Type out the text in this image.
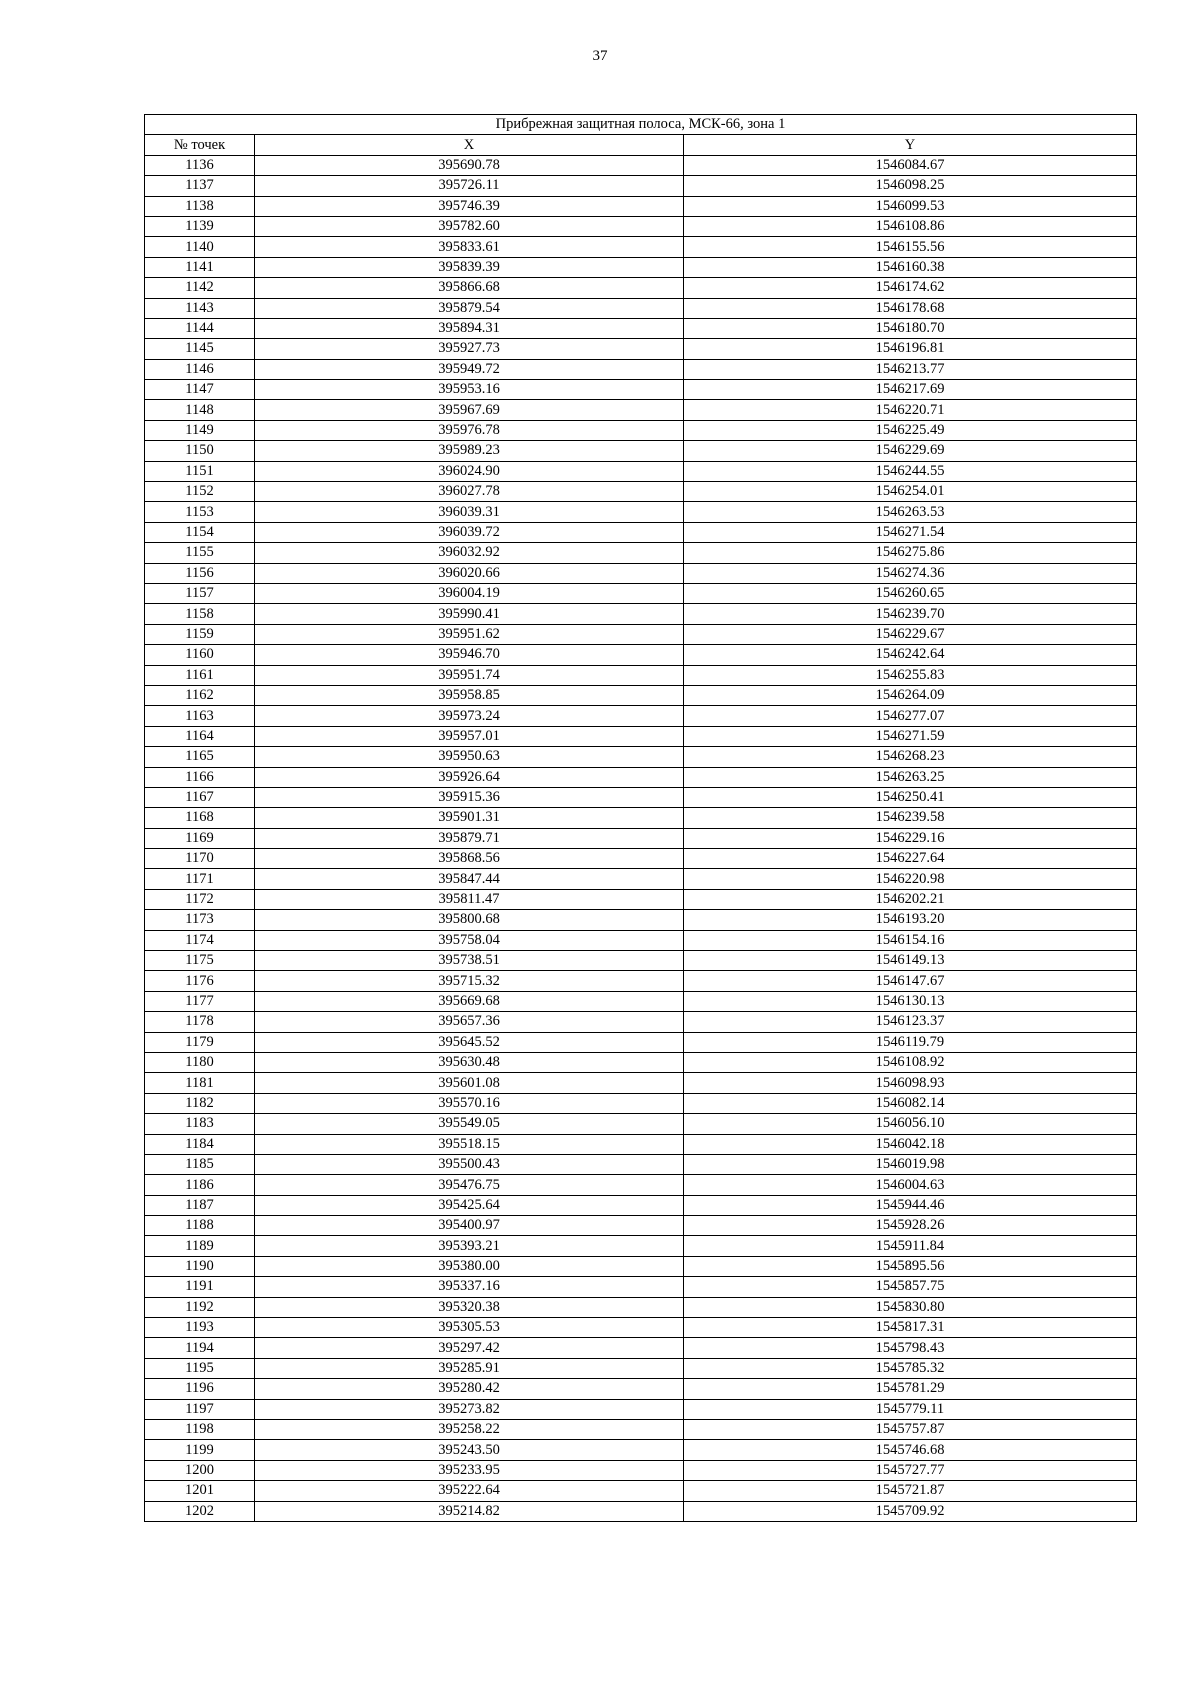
37
Прибрежная защитная полоса, МСК-66, зона 1		
№ точек	X	Y
1136	395690.78	1546084.67
1137	395726.11	1546098.25
1138	395746.39	1546099.53
1139	395782.60	1546108.86
1140	395833.61	1546155.56
1141	395839.39	1546160.38
1142	395866.68	1546174.62
1143	395879.54	1546178.68
1144	395894.31	1546180.70
1145	395927.73	1546196.81
1146	395949.72	1546213.77
1147	395953.16	1546217.69
1148	395967.69	1546220.71
1149	395976.78	1546225.49
1150	395989.23	1546229.69
1151	396024.90	1546244.55
1152	396027.78	1546254.01
1153	396039.31	1546263.53
1154	396039.72	1546271.54
1155	396032.92	1546275.86
1156	396020.66	1546274.36
1157	396004.19	1546260.65
1158	395990.41	1546239.70
1159	395951.62	1546229.67
1160	395946.70	1546242.64
1161	395951.74	1546255.83
1162	395958.85	1546264.09
1163	395973.24	1546277.07
1164	395957.01	1546271.59
1165	395950.63	1546268.23
1166	395926.64	1546263.25
1167	395915.36	1546250.41
1168	395901.31	1546239.58
1169	395879.71	1546229.16
1170	395868.56	1546227.64
1171	395847.44	1546220.98
1172	395811.47	1546202.21
1173	395800.68	1546193.20
1174	395758.04	1546154.16
1175	395738.51	1546149.13
1176	395715.32	1546147.67
1177	395669.68	1546130.13
1178	395657.36	1546123.37
1179	395645.52	1546119.79
1180	395630.48	1546108.92
1181	395601.08	1546098.93
1182	395570.16	1546082.14
1183	395549.05	1546056.10
1184	395518.15	1546042.18
1185	395500.43	1546019.98
1186	395476.75	1546004.63
1187	395425.64	1545944.46
1188	395400.97	1545928.26
1189	395393.21	1545911.84
1190	395380.00	1545895.56
1191	395337.16	1545857.75
1192	395320.38	1545830.80
1193	395305.53	1545817.31
1194	395297.42	1545798.43
1195	395285.91	1545785.32
1196	395280.42	1545781.29
1197	395273.82	1545779.11
1198	395258.22	1545757.87
1199	395243.50	1545746.68
1200	395233.95	1545727.77
1201	395222.64	1545721.87
1202	395214.82	1545709.92
